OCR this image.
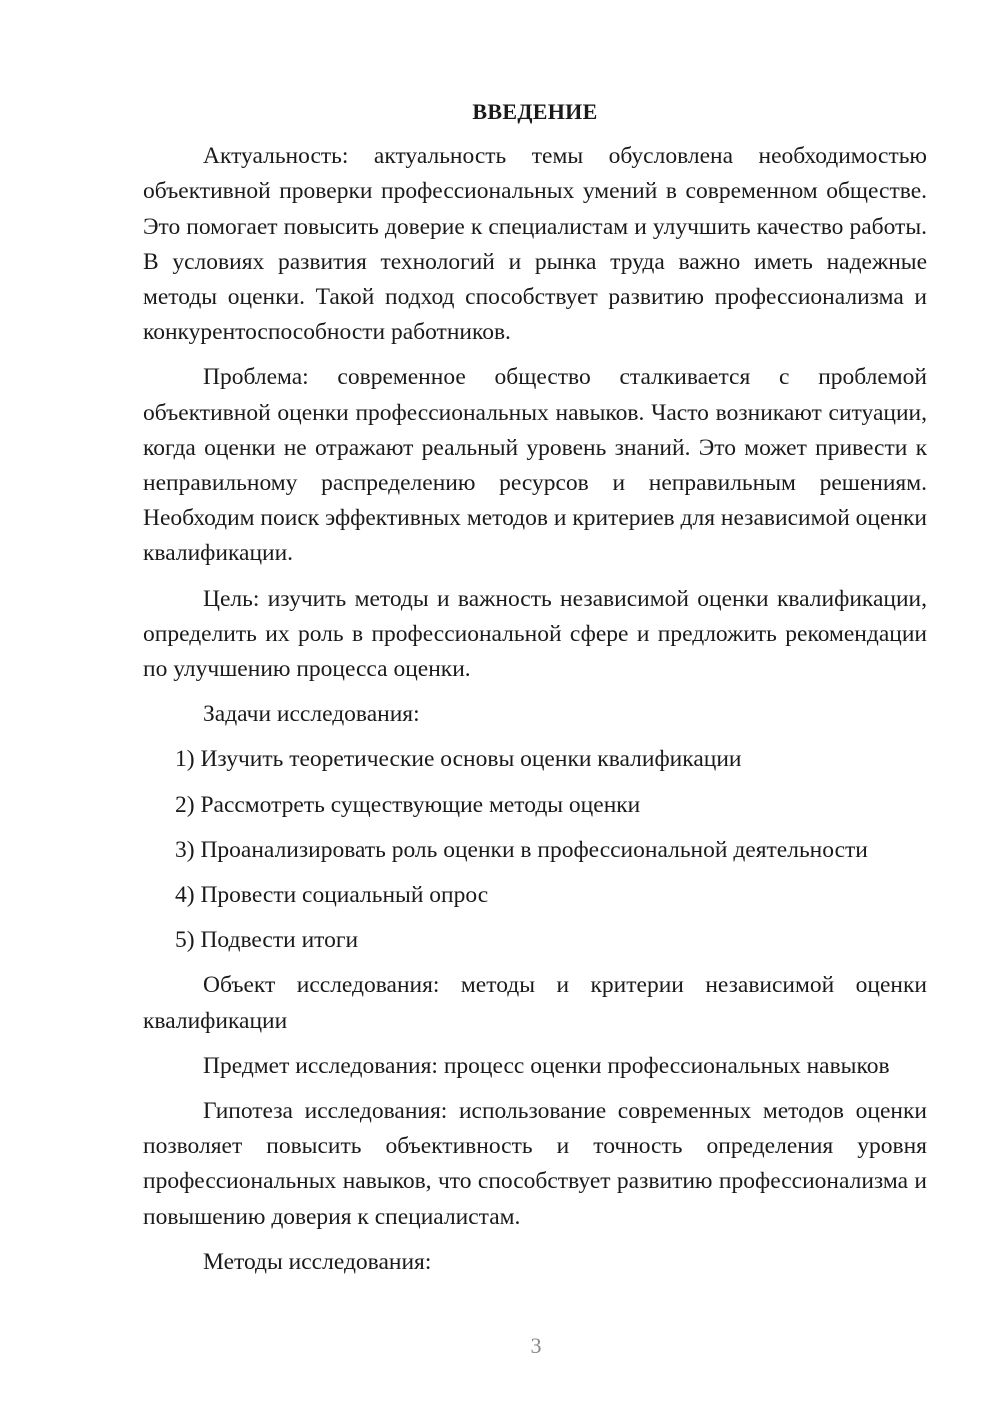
ВВЕДЕНИЕ

Актуальность: актуальность темы обусловлена необходимостью объективной проверки профессиональных умений в современном обществе. Это помогает повысить доверие к специалистам и улучшить качество работы. В условиях развития технологий и рынка труда важно иметь надежные методы оценки. Такой подход способствует развитию профессионализма и конкурентоспособности работников.

Проблема: современное общество сталкивается с проблемой объективной оценки профессиональных навыков. Часто возникают ситуации, когда оценки не отражают реальный уровень знаний. Это может привести к неправильному распределению ресурсов и неправильным решениям. Необходим поиск эффективных методов и критериев для независимой оценки квалификации.

Цель: изучить методы и важность независимой оценки квалификации, определить их роль в профессиональной сфере и предложить рекомендации по улучшению процесса оценки.

Задачи исследования:

1) Изучить теоретические основы оценки квалификации
2) Рассмотреть существующие методы оценки
3) Проанализировать роль оценки в профессиональной деятельности
4) Провести социальный опрос
5) Подвести итоги

Объект исследования: методы и критерии независимой оценки квалификации

Предмет исследования: процесс оценки профессиональных навыков

Гипотеза исследования: использование современных методов оценки позволяет повысить объективность и точность определения уровня профессиональных навыков, что способствует развитию профессионализма и повышению доверия к специалистам.

Методы исследования:

3
